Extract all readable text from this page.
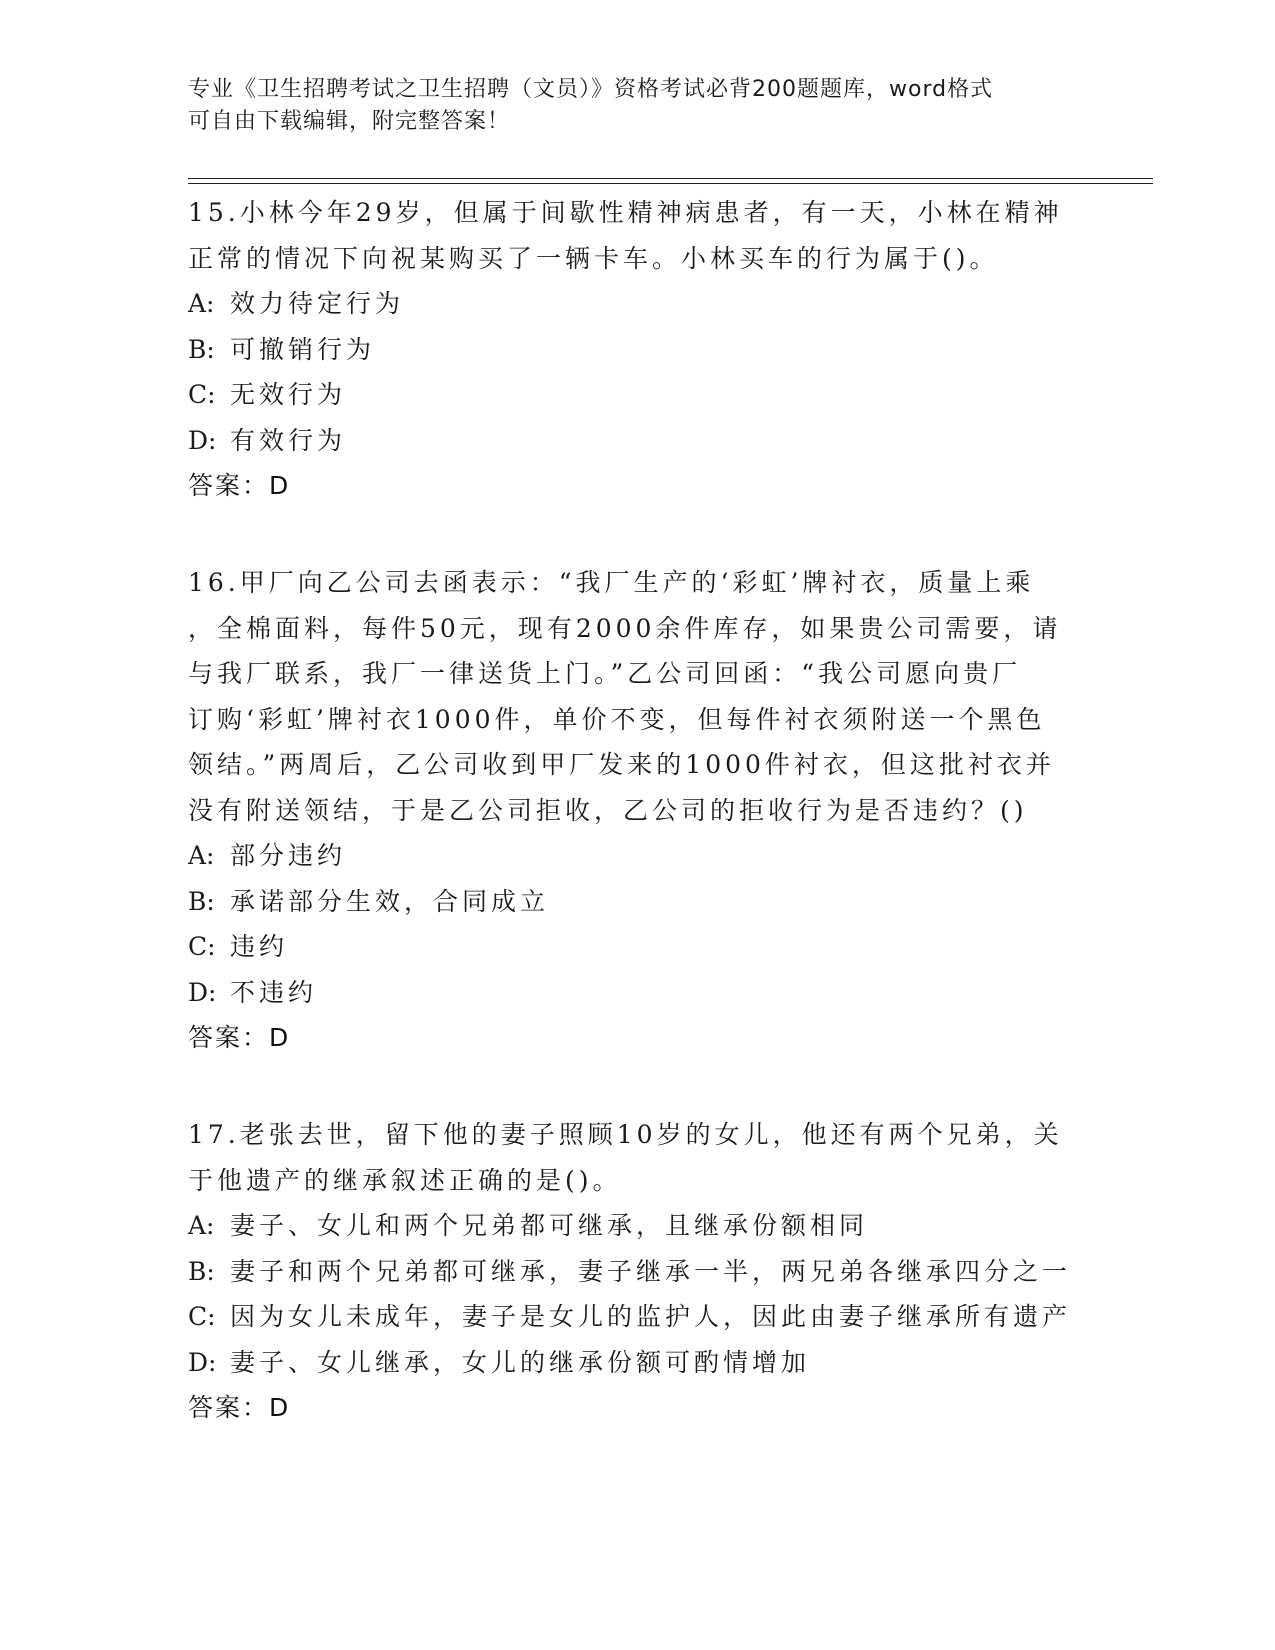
专业《卫生招聘考试之卫生招聘（文员）》资格考试必背200题题库，word格式
可自由下载编辑，附完整答案！
15.小林今年29岁，但属于间歇性精神病患者，有一天，小林在精神
正常的情况下向祝某购买了一辆卡车。小林买车的行为属于()。
A: 效力待定行为
B: 可撤销行为
C: 无效行为
D: 有效行为
答案：D
16.甲厂向乙公司去函表示：“我厂生产的‘彩虹’牌衬衣，质量上乘
，全棉面料，每件50元，现有2000余件库存，如果贵公司需要，请
与我厂联系，我厂一律送货上门。”乙公司回函：“我公司愿向贵厂
订购‘彩虹’牌衬衣1000件，单价不变，但每件衬衣须附送一个黑色
领结。”两周后，乙公司收到甲厂发来的1000件衬衣，但这批衬衣并
没有附送领结，于是乙公司拒收，乙公司的拒收行为是否违约？()
A: 部分违约
B: 承诺部分生效，合同成立
C: 违约
D: 不违约
答案：D
17.老张去世，留下他的妻子照顾10岁的女儿，他还有两个兄弟，关
于他遗产的继承叙述正确的是()。
A: 妻子、女儿和两个兄弟都可继承，且继承份额相同
B: 妻子和两个兄弟都可继承，妻子继承一半，两兄弟各继承四分之一
C: 因为女儿未成年，妻子是女儿的监护人，因此由妻子继承所有遗产
D: 妻子、女儿继承，女儿的继承份额可酌情增加
答案：D
